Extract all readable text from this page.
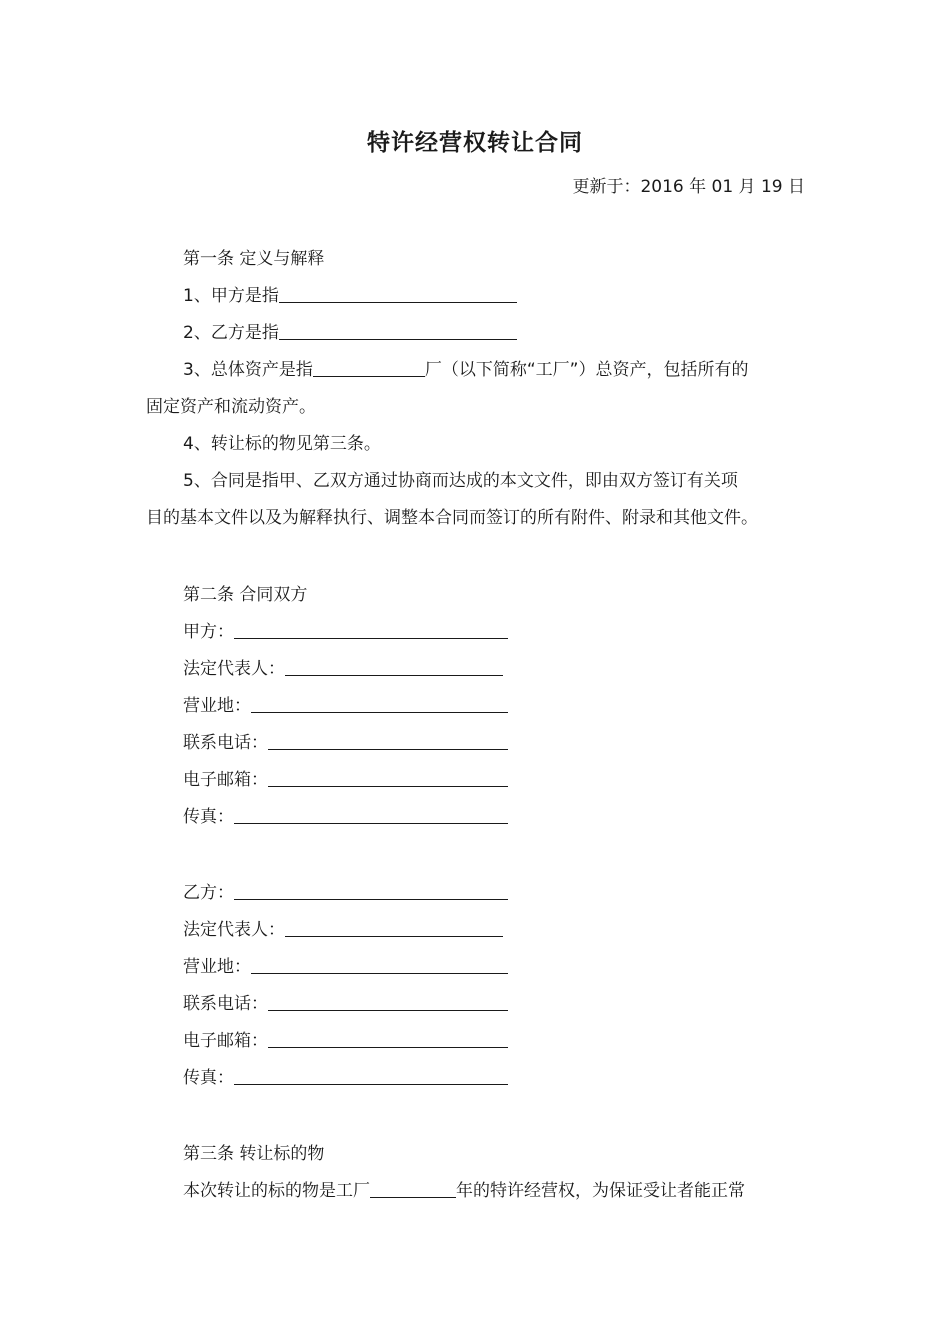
特许经营权转让合同
更新于：2016 年 01 月 19 日
第一条 定义与解释
1、甲方是指
2、乙方是指
3、总体资产是指	厂（以下简称“工厂”）总资产，包括所有的
固定资产和流动资产。
4、转让标的物见第三条。
5、合同是指甲、乙双方通过协商而达成的本文文件，即由双方签订有关项
目的基本文件以及为解释执行、调整本合同而签订的所有附件、附录和其他文件。
第二条 合同双方
甲方：
法定代表人：
营业地：
联系电话：
电子邮箱：
传真：
乙方：
法定代表人：
营业地：
联系电话：
电子邮箱：
传真：
第三条 转让标的物
本次转让的标的物是工厂	年的特许经营权，为保证受让者能正常
